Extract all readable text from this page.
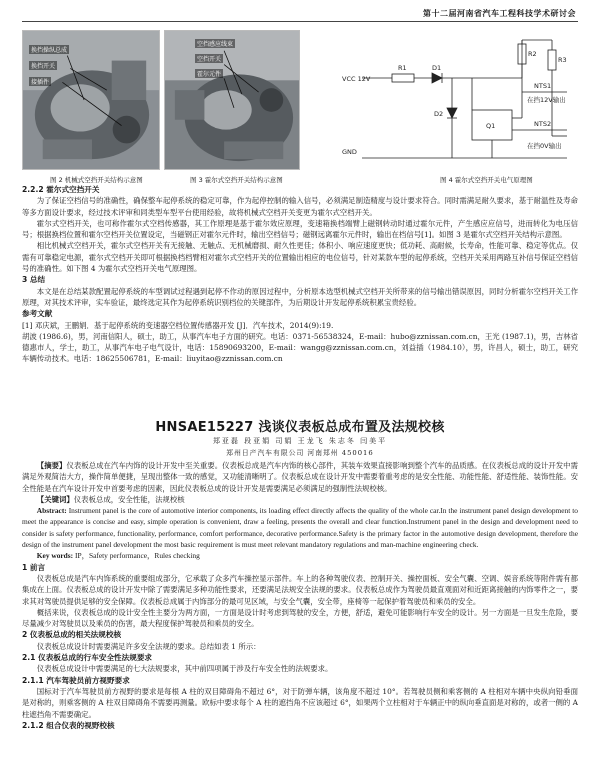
第十二届河南省汽车工程科技学术研讨会
换挡操纵总成
换挡开关
接插件
空挡感应线束
空挡开关
霍尔元件
VCC 12V
GND
R1
R2
R3
D1
D2
Q1
NTS1
在挡12V输出
NTS2
在挡0V输出
图 2 机械式空挡开关结构示意图	图 3 霍尔式空挡开关结构示意图	图 4 霍尔式空挡开关电气原理图
2.2.2 霍尔式空挡开关

为了保证空档信号的准确性，确保整车起停系统的稳定可靠，作为起停控制的输入信号，必须满足制造精度与设计要求符合。同时需满足耐久要求，基于耐温性及寿命等多方面设计要求，经过技术评审和同类型车型平台使用经验，故将机械式空档开关变更为霍尔式空档开关。

霍尔式空档开关，也可称作霍尔式空档传感器，其工作原理是基于霍尔效应原理，变速箱换档端臂上磁钢转动时通过霍尔元件，产生感应应信号，进而转化为电压信号；根据换档位置和霍尔空档开关位置设定，当磁钢正对霍尔元件时，输出空档信号；磁钢远离霍尔元件时，输出在档信号[1]。如图 3 是霍尔式空档开关结构示意图。

相比机械式空档开关，霍尔式空档开关有无接触、无触点、无机械磨损、耐久性更佳；体积小、响应速度更快；低功耗、高耐候，长寿命，性能可靠、稳定等优点。仅需有可靠稳定电源，霍尔式空档开关即可根据换档档臂相对霍尔式空档开关的位置输出相应的电位信号，针对某款车型的起停系统，空档开关采用两路互补信号保证空档信号的准确性。如下图 4 为霍尔式空档开关电气原理图。

3 总结

本文是在总结某款配置起停系统的车型调试过程遇到起停不作动的原因过程中，分析原本选型机械式空档开关所带来的信号输出错误原因，同时分析霍尔空档开关工作原理，对其技术评审，实车验证，最终选定其作为起停系统识别档位的关键部件，为后期设计开发起停系统积累宝贵经验。

参考文献

[1] 邓庆斌，王鹏娟．基于起停系统的变速器空档位置传感器开发 [J]．汽车技术，2014(9):19.

胡波 (1986.6)，男，河南信阳人，硕士，助工，从事汽车电子方面的研究。电话：0371-56538324，E-mail：hubo@zznissan.com.cn，王光 (1987.1)，男，吉林省德惠市人，学士，助工，从事汽车电子电气设计，电话：15890693200，E-mail：wangg@zznissan.com.cn，刘益插（1984.10），男，许昌人，硕士，助工，研究车辆传动技术。电话：18625506781，E-mail：liuyitao@zznissan.com.cn

HNSAE15227 浅谈仪表板总成布置及法规校核
郑亚磊 段亚娟 司娟 王龙飞 朱志冬 闫美平
郑州日产汽车有限公司 河南郑州 450016

【摘要】仪表板总成在汽车内饰的设计开发中至关重要。仪表板总成是汽车内饰的核心部件，其装车效果直接影响到整个汽车的品质感。在仪表板总成的设计开发中需满足外观简洁大方，操作简单便捷，呈现出整体一致的感觉，又功能清晰明了。仪表板总成在设计开发中需要着重考虑的是安全性能、功能性能、舒适性能、装饰性能。安全性能是在汽车设计开发中首要考虑的因素，因此仪表板总成的设计开发是需要满足必须满足的强制性法规校核。

【关键词】仪表板总成，安全性能，法规校核

Abstract: Instrument panel is the core of automotive interior components, its loading effect directly affects the quality of the whole car.In the instrument panel design development to meet the appearance is concise and easy, simple operation is convenient, draw a feeling, presents the overall and clear function.Instrument panel in the design and development need to consider is safety performance, functionality, performance, comfort performance, decorative performance.Safety is the primary factor in the automotive design development, therefore the design of the instrument panel development the most basic requirement is must meet relevant mandatory regulations and man-machine engineering check.

Key words: IP，Safety performance，Rules checking

1 前言

仪表板总成是汽车内饰系统的重要组成部分，它承载了众多汽车操控显示部件。车上的各种驾驶仪表、控制开关、操控面板、安全气囊、空调、娱音系统等附件需有都集成在上面。仪表板总成的设计开发中除了需要满足多种功能性要求，还要满足法规安全法规的要求。仪表板总成作为驾驶员最直观面对和近距离接触的内饰零件之一，要求其对驾驶员提供足够的安全保障。仪表板总成属于内饰部分的最可见区域，与安全气囊，安全带，座椅等一起保护着驾驶员和乘员的安全。

概括来说，仪表板总成的设计安全性主要分为两方面，一方面是设计时考虑到驾驶的安全，方便，舒适，避免可能影响行车安全的设计。另一方面是一旦发生危险，要尽量减少对驾驶员以及乘员的伤害，最大程度保护驾驶员和乘员的安全。

2 仪表板总成的相关法规校核

仪表板总成设计时需要满足许多安全法规的要求。总结如表 1 所示：

2.1 仪表板总成的行车安全性法规要求

仪表板总成设计中需要满足的七大法规要求，其中前四项属于涉及行车安全性的法规要求。

2.1.1 汽车驾驶员前方视野要求

国标对于汽车驾驶员前方视野的要求是每根 A 柱的双目障碍角不超过 6°，对于防弹车辆，该角度不超过 10°。若驾驶员侧和乘客侧的 A 柱相对车辆中央纵向铅垂面是对称的，则乘客侧的 A 柱双目障碍角不需要再测量。欧标中要求每个 A 柱的遮挡角不应该超过 6°，如果两个立柱相对于车辆正中的纵向垂直面是对称的，或者一侧的 A 柱遮挡角不需要确定。

2.1.2 组合仪表的视野校核
